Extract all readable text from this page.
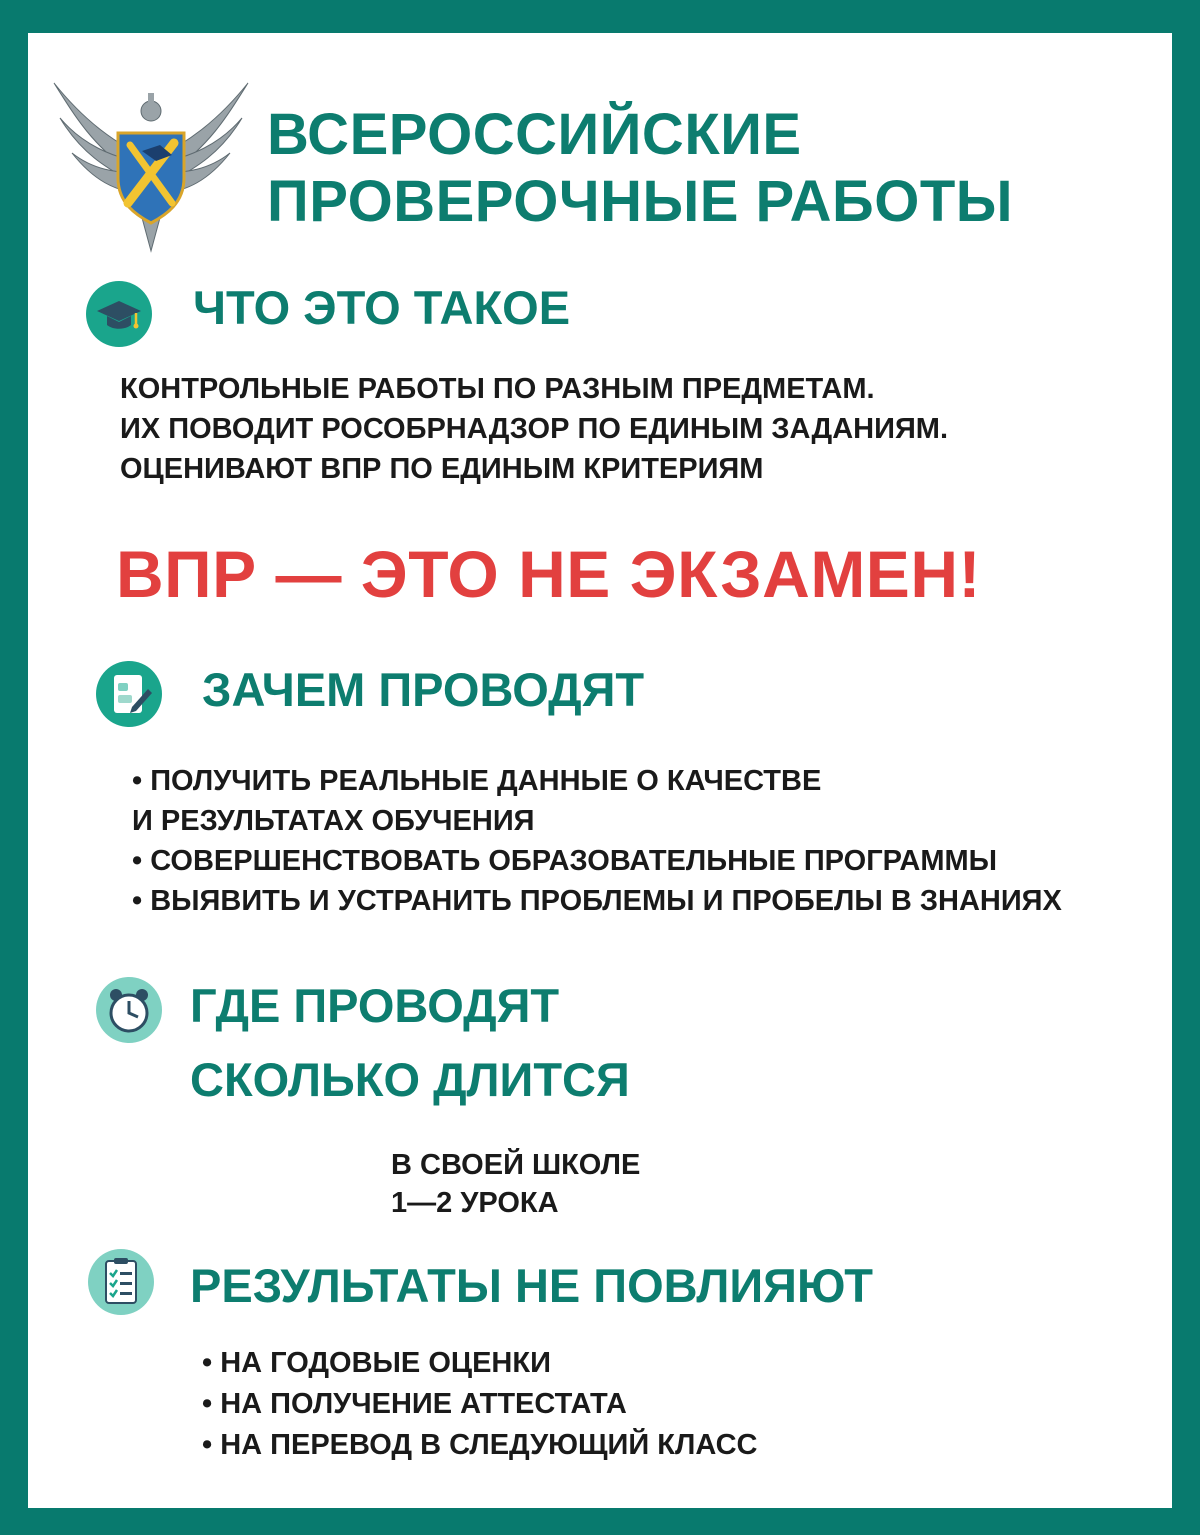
ВСЕРОССИЙСКИЕ
ПРОВЕРОЧНЫЕ РАБОТЫ
ЧТО ЭТО ТАКОЕ
КОНТРОЛЬНЫЕ РАБОТЫ ПО РАЗНЫМ ПРЕДМЕТАМ.
ИХ ПОВОДИТ РОСОБРНАДЗОР ПО ЕДИНЫМ ЗАДАНИЯМ.
ОЦЕНИВАЮТ ВПР ПО ЕДИНЫМ КРИТЕРИЯМ
ВПР — ЭТО НЕ ЭКЗАМЕН!
ЗАЧЕМ ПРОВОДЯТ
• ПОЛУЧИТЬ РЕАЛЬНЫЕ ДАННЫЕ О КАЧЕСТВЕ
И РЕЗУЛЬТАТАХ ОБУЧЕНИЯ
• СОВЕРШЕНСТВОВАТЬ ОБРАЗОВАТЕЛЬНЫЕ ПРОГРАММЫ
• ВЫЯВИТЬ И УСТРАНИТЬ ПРОБЛЕМЫ И ПРОБЕЛЫ В ЗНАНИЯХ
ГДЕ ПРОВОДЯТ
СКОЛЬКО ДЛИТСЯ
В СВОЕЙ ШКОЛЕ
1—2 УРОКА
РЕЗУЛЬТАТЫ НЕ ПОВЛИЯЮТ
• НА ГОДОВЫЕ ОЦЕНКИ
• НА ПОЛУЧЕНИЕ АТТЕСТАТА
• НА ПЕРЕВОД В СЛЕДУЮЩИЙ КЛАСС
